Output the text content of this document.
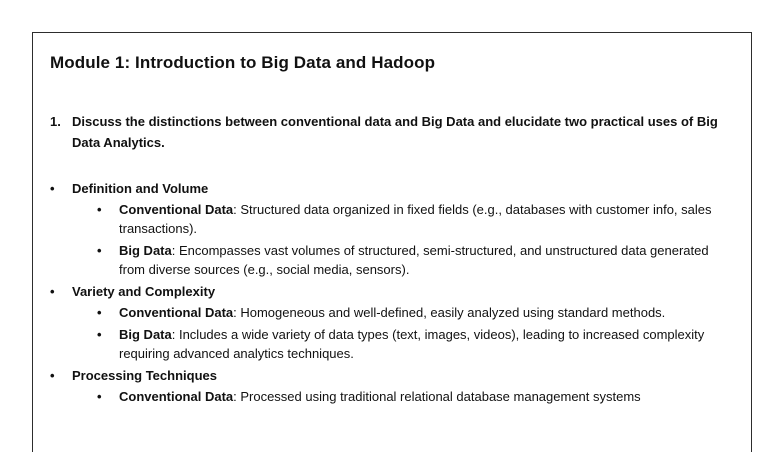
Module 1: Introduction to Big Data and Hadoop
1. Discuss the distinctions between conventional data and Big Data and elucidate two practical uses of Big Data Analytics.
• Definition and Volume
• Conventional Data: Structured data organized in fixed fields (e.g., databases with customer info, sales transactions).
• Big Data: Encompasses vast volumes of structured, semi-structured, and unstructured data generated from diverse sources (e.g., social media, sensors).
• Variety and Complexity
• Conventional Data: Homogeneous and well-defined, easily analyzed using standard methods.
• Big Data: Includes a wide variety of data types (text, images, videos), leading to increased complexity requiring advanced analytics techniques.
• Processing Techniques
• Conventional Data: Processed using traditional relational database management systems
